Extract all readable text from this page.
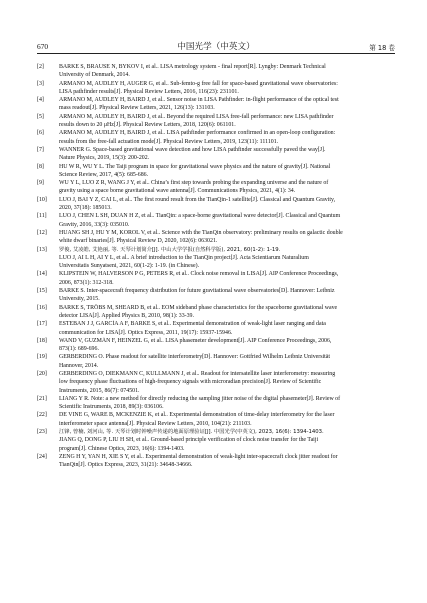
670	中国光学（中英文）	第 18 卷
[2]	BARKE S, BRAUSE N, BYKOV I, et al.. LISA metrology system - final report[R]. Lyngby: Denmark Technical
University of Denmark, 2014.
[3]	ARMANO M, AUDLEY H, AUGER G, et al.. Sub-femto-g free fall for space-based gravitational wave observatories:
LISA pathfinder results[J]. Physical Review Letters, 2016, 116(23): 231101.
[4]	ARMANO M, AUDLEY H, BAIRD J, et al.. Sensor noise in LISA Pathfinder: in-flight performance of the optical test
mass readout[J]. Physical Review Letters, 2021, 126(13): 131103.
[5]	ARMANO M, AUDLEY H, BAIRD J, et al.. Beyond the required LISA free-fall performance: new LISA pathfinder
results down to 20 μHz[J]. Physical Review Letters, 2018, 120(6): 061101.
[6]	ARMANO M, AUDLEY H, BAIRD J, et al.. LISA pathfinder performance confirmed in an open-loop configuration:
results from the free-fall actuation mode[J]. Physical Review Letters, 2019, 123(11): 111101.
[7]	WANNER G. Space-based gravitational wave detection and how LISA pathfinder successfully paved the way[J].
Nature Physics, 2019, 15(3): 200-202.
[8]	HU W R, WU Y L. The Taiji program in space for gravitational wave physics and the nature of gravity[J]. National
Science Review, 2017, 4(5): 685-686.
[9]	WU Y L, LUO Z R, WANG J Y, et al.. China’s first step towards probing the expanding universe and the nature of
gravity using a space borne gravitational wave antenna[J]. Communications Physics, 2021, 4(1): 34.
[10]	LUO J, BAI Y Z, CAI L, et al.. The first round result from the TianQin-1 satellite[J]. Classical and Quantum Gravity,
2020, 37(18): 185013.
[11]	LUO J, CHEN L SH, DUAN H Z, et al.. TianQin: a space-borne gravitational wave detector[J]. Classical and Quantum
Gravity, 2016, 33(3): 035010.
[12]	HUANG SH J, HU Y M, KOROL V, et al.. Science with the TianQin observatory: preliminary results on galactic double
white dwarf binaries[J]. Physical Review D, 2020, 102(6): 063021.
[13]	罗俊, 艾凌皓, 艾艳丽, 等. 天琴计划简介[J]. 中山大学学报(自然科学版), 2021, 60(1-2): 1-19.
LUO J, AI L H, AI Y L, et al.. A brief introduction to the TianQin project[J]. Acta Scientiarum Naturalium
Universitatis Sunyatseni, 2021, 60(1-2): 1-19. (in Chinese).
[14]	KLIPSTEIN W, HALVERSON P G, PETERS R, et al.. Clock noise removal in LISA[J]. AIP Conference Proceedings,
2006, 873(1): 312-318.
[15]	BARKE S. Inter-spacecraft frequency distribution for future gravitational wave observatories[D]. Hannover: Leibniz
University, 2015.
[16]	BARKE S, TRÖBS M, SHEARD B, et al.. EOM sideband phase characteristics for the spaceborne gravitational wave
detector LISA[J]. Applied Physics B, 2010, 98(1): 33-39.
[17]	ESTEBAN J J, GARCÍA A F, BARKE S, et al.. Experimental demonstration of weak-light laser ranging and data
communication for LISA[J]. Optics Express, 2011, 19(17): 15937-15946.
[18]	WAND V, GUZMÁN F, HEINZEL G, et al.. LISA phasemeter development[J]. AIP Conference Proceedings, 2006,
873(1): 689-696.
[19]	GERBERDING O. Phase readout for satellite interferometry[D]. Hannover: Gottfried Wilhelm Leibniz Universität
Hannover, 2014.
[20]	GERBERDING O, DIEKMANN C, KULLMANN J, et al.. Readout for intersatellite laser interferometry: measuring
low frequency phase fluctuations of high-frequency signals with microradian precision[J]. Review of Scientific
Instruments, 2015, 86(7): 074501.
[21]	LIANG Y R. Note: a new method for directly reducing the sampling jitter noise of the digital phasemeter[J]. Review of
Scientific Instruments, 2018, 89(3): 036106.
[22]	DE VINE G, WARE B, MCKENZIE K, et al.. Experimental demonstration of time-delay interferometry for the laser
interferometer space antenna[J]. Physical Review Letters, 2010, 104(21): 211103.
[23]	江锋, 曾楠, 刘河山, 等. 天琴计划时钟噪声传递的地面原理验证[J]. 中国光学(中英文), 2023, 16(6): 1394-1403.
JIANG Q, DONG P, LIU H SH, et al.. Ground-based principle verification of clock noise transfer for the Taiji
program[J]. Chinese Optics, 2023, 16(6): 1394-1403.
[24]	ZENG H Y, YAN H, XIE S Y, et al.. Experimental demonstration of weak-light inter-spacecraft clock jitter readout for
TianQin[J]. Optics Express, 2023, 31(21): 34648-34666.
